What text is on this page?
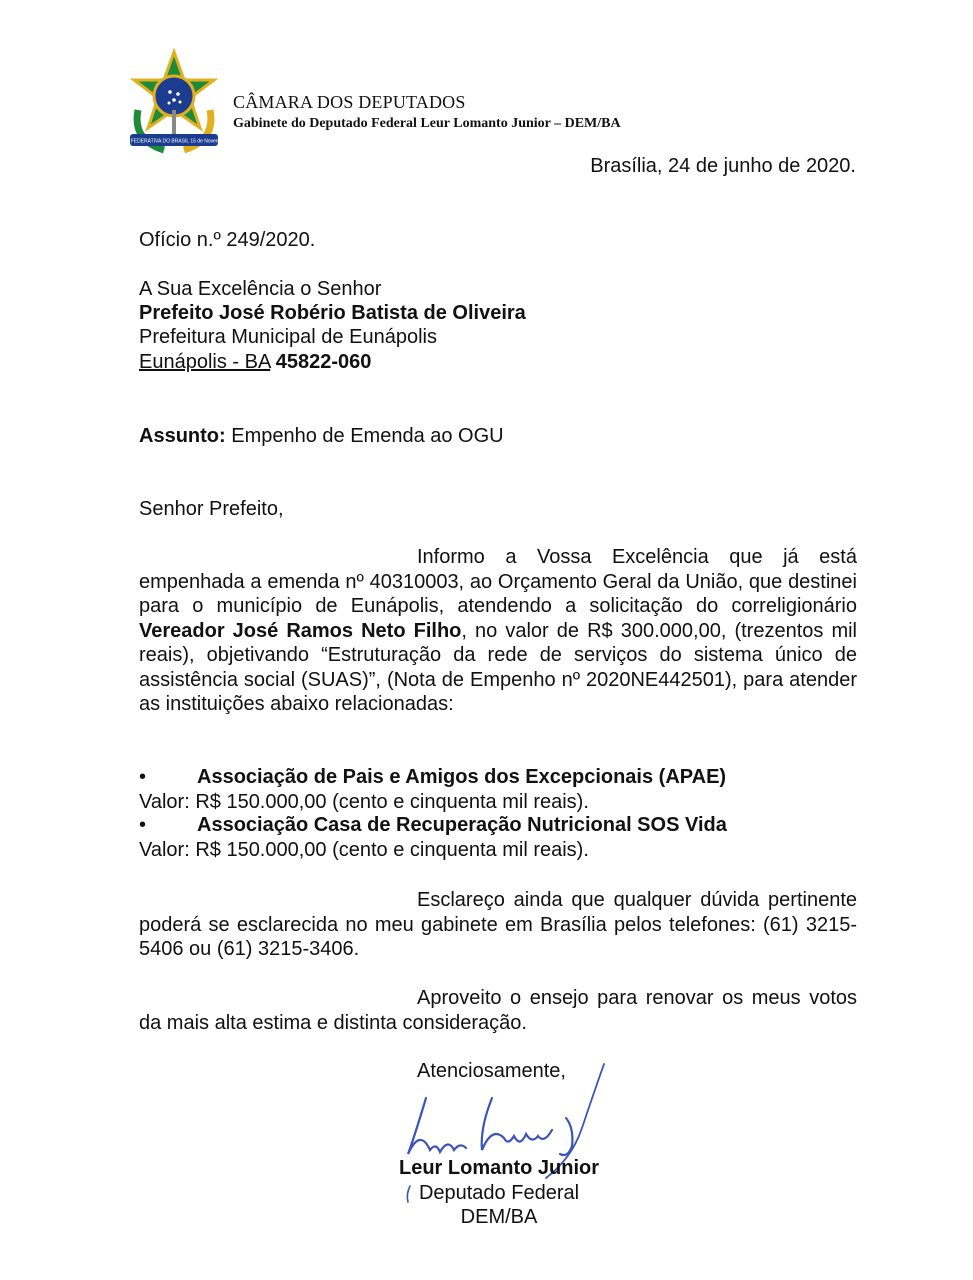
REPUBLICA FEDERATIVA DO BRASIL 15 de Novembro de 1889
CÂMARA DOS DEPUTADOS
Gabinete do Deputado Federal Leur Lomanto Junior – DEM/BA
Brasília, 24 de junho de 2020.
Ofício n.º 249/2020.
A Sua Excelência o Senhor
Prefeito José Robério Batista de Oliveira
Prefeitura Municipal de Eunápolis
Eunápolis - BA 45822-060
Assunto: Empenho de Emenda ao OGU
Senhor Prefeito,
Informo a Vossa Excelência que já está empenhada a emenda nº 40310003, ao Orçamento Geral da União, que destinei para o município de Eunápolis, atendendo a solicitação do correligionário Vereador José Ramos Neto Filho, no valor de R$ 300.000,00, (trezentos mil reais), objetivando “Estruturação da rede de serviços do sistema único de assistência social (SUAS)”, (Nota de Empenho nº 2020NE442501), para atender as instituições abaixo relacionadas:
•	Associação de Pais e Amigos dos Excepcionais (APAE)
Valor: R$ 150.000,00 (cento e cinquenta mil reais).
•	Associação Casa de Recuperação Nutricional SOS Vida
Valor: R$ 150.000,00 (cento e cinquenta mil reais).
Esclareço ainda que qualquer dúvida pertinente poderá se esclarecida no meu gabinete em Brasília pelos telefones: (61) 3215-5406 ou (61) 3215-3406.
Aproveito o ensejo para renovar os meus votos da mais alta estima e distinta consideração.
Atenciosamente,
Leur Lomanto Junior
Deputado Federal
DEM/BA
